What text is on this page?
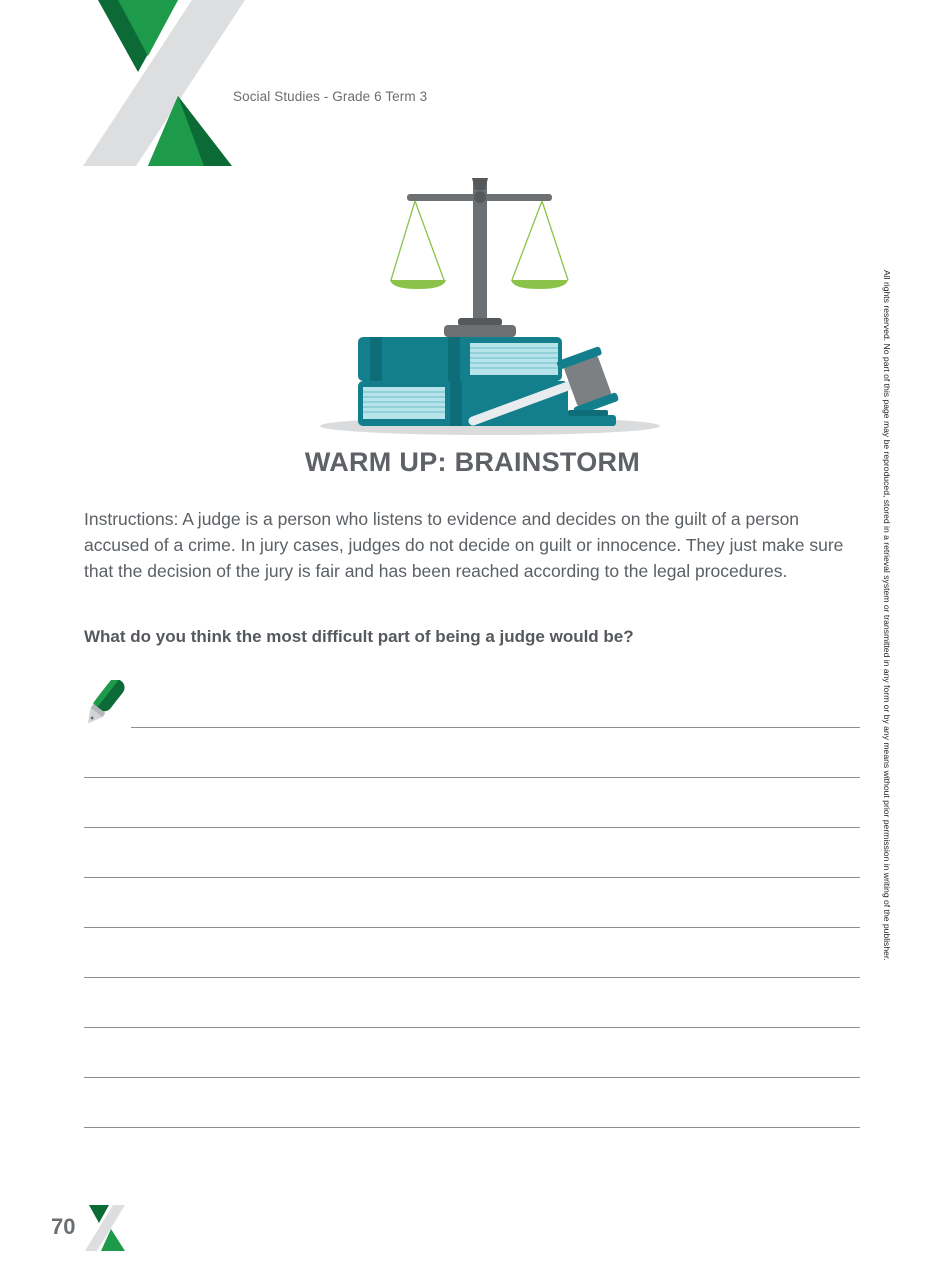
Social Studies - Grade 6 Term 3
WARM UP: BRAINSTORM
Instructions: A judge is a person who listens to evidence and decides on the guilt of a person accused of a crime. In jury cases, judges do not decide on guilt or innocence. They just make sure that the decision of the jury is fair and has been reached according to the legal procedures.
What do you think the most difficult part of being a judge would be?	All rights reserved. No part of this page may be reproduced, stored in a retrieval system or transmitted in any form or by any means without prior permission in writing of the publisher.
70
